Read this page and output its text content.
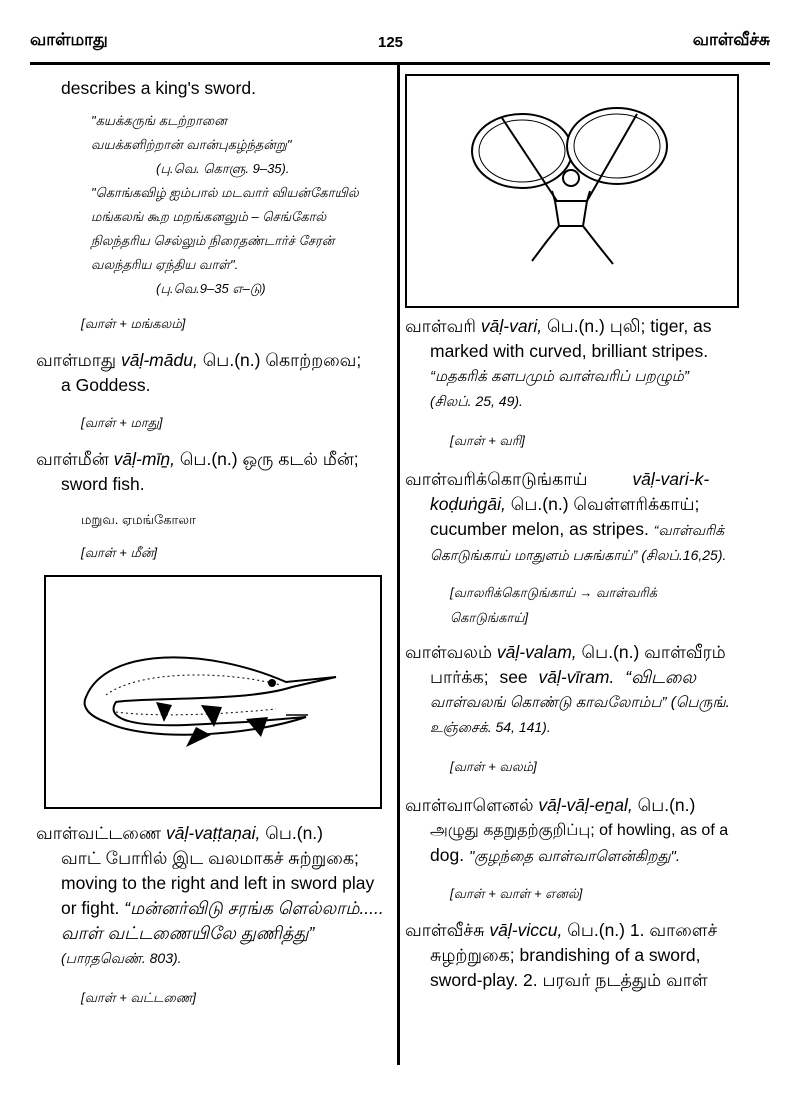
வாள்மாது	125	வாள்வீச்சு

describes a king's sword.

"கயக்கருங் கடற்றானை

வயக்களிற்றான் வான்புகழ்ந்தன்று"

(பு.வெ. கொளு. 9–35).

"கொங்கவிழ் ஐம்பால் மடவார் வியன்கோயில்

மங்கலங் கூற மறங்கனலும் – செங்கோல்

நிலந்தரிய செல்லும் நிரைதண்டார்ச் சேரன்

வலந்தரிய ஏந்திய வாள்".

(பு.வெ.9–35 எ–டு)

[வாள் + மங்கலம்]

வாள்மாது vāḷ-mādu, பெ.(n.) கொற்றவை;
a Goddess.

[வாள் + மாது]

வாள்மீன் vāḷ-mīṉ, பெ.(n.) ஒரு கடல் மீன்;
sword fish.

மறுவ. ஏமங்கோலா

[வாள் + மீன்]

வாள்வட்டணை vāḷ-vaṭṭaṇai, பெ.(n.)
வாட் போரில் இட வலமாகச் சுற்றுகை;
moving to the right and left in sword play
or fight. “மன்னர்விடு சரங்க ளெல்லாம்.....
வாள் வட்டணையிலே துணித்து”
(பாரதவெண். 803).

[வாள் + வட்டணை]

வாள்வரி vāḷ-vari, பெ.(n.) புலி; tiger, as
marked with curved, brilliant stripes.
“மதகரிக் களபமும் வாள்வரிப் பறழும்”
(சிலப். 25, 49).

[வாள் + வரி]

வாள்வரிக்கொடுங்காய்	vāḷ-vari-k-
koḍuṅgāi, பெ.(n.) வெள்ளரிக்காய்;
cucumber melon, as stripes. “வாள்வரிக்
கொடுங்காய் மாதுளம் பசுங்காய்” (சிலப்.16,25).

[வாலரிக்கொடுங்காய் → வாள்வரிக்

கொடுங்காய்]

வாள்வலம் vāḷ-valam, பெ.(n.) வாள்வீரம்
பார்க்க; see vāḷ-vīram. “விடலை
வாள்வலங் கொண்டு காவலோம்ப” (பெருங்.
உஞ்சைக். 54, 141).

[வாள் + வலம்]

வாள்வாளெனல் vāḷ-vāḷ-eṉal, பெ.(n.)
அழுது கதறுதற்குறிப்பு; of howling, as of a
dog. "குழந்தை வாள்வாளென்கிறது".

[வாள் + வாள் + எனல்]

வாள்வீச்சு vāḷ-viccu, பெ.(n.) 1. வாளைச்
சுழற்றுகை; brandishing of a sword,
sword-play. 2. பரவர் நடத்தும் வாள்
